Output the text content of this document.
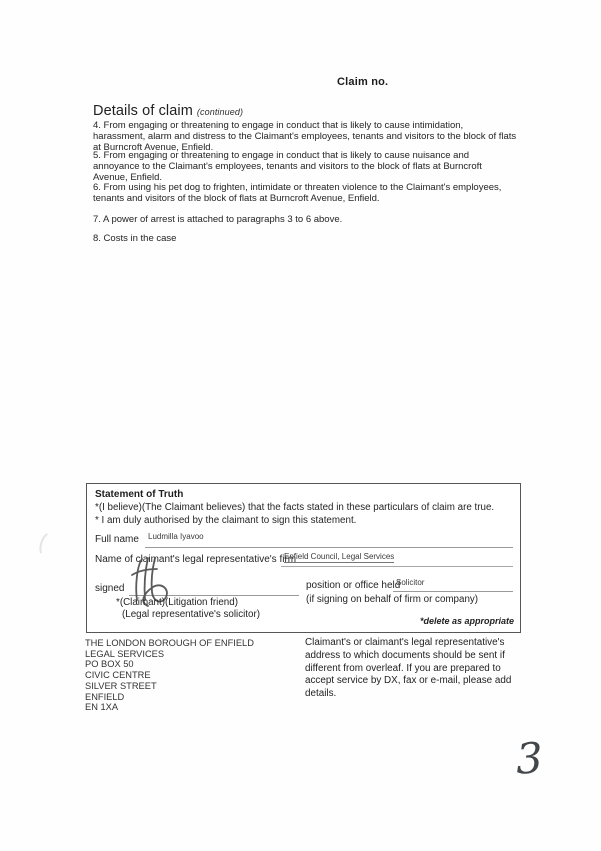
Claim no.
Details of claim (continued)
4. From engaging or threatening to engage in conduct that is likely to cause intimidation, harassment, alarm and distress to the Claimant's employees, tenants and visitors to the block of flats at Burncroft Avenue, Enfield.
5. From engaging or threatening to engage in conduct that is likely to cause nuisance and annoyance to the Claimant's employees, tenants and visitors to the block of flats at Burncroft Avenue, Enfield.
6. From using his pet dog to frighten, intimidate or threaten violence to the Claimant's employees, tenants and visitors of the block of flats at Burncroft Avenue, Enfield.
7. A power of arrest is attached to paragraphs 3 to 6 above.
8. Costs in the case
Statement of Truth
*(I believe)(The Claimant believes) that the facts stated in these particulars of claim are true.
* I am duly authorised by the claimant to sign this statement.
Full name Ludmilla Iyavoo
Name of claimant's legal representative's firm
Enfield Council, Legal Services
signed	position or office held
Solicitor
(if signing on behalf of firm or company)
*(Claimant)(Litigation friend)
(Legal representative's solicitor)
*delete as appropriate
THE LONDON BOROUGH OF ENFIELD
LEGAL SERVICES
PO BOX 50
CIVIC CENTRE
SILVER STREET
ENFIELD
EN 1XA
Claimant's or claimant's legal representative's address to which documents should be sent if different from overleaf. If you are prepared to accept service by DX, fax or e-mail, please add details.
3
